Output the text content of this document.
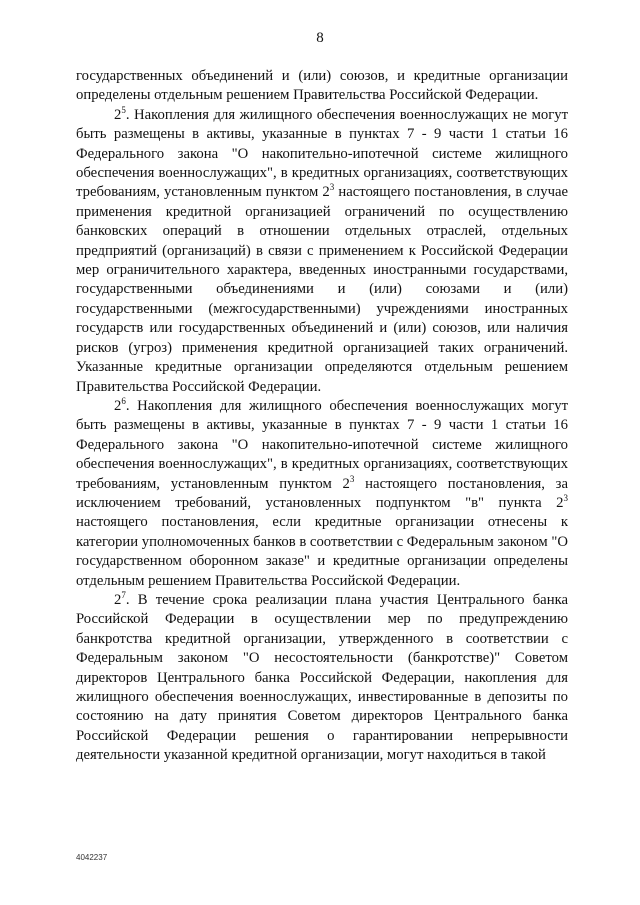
8

государственных объединений и (или) союзов, и кредитные организации определены отдельным решением Правительства Российской Федерации.

$2^5$. Накопления для жилищного обеспечения военнослужащих не могут быть размещены в активы, указанные в пунктах 7 - 9 части 1 статьи 16 Федерального закона "О накопительно-ипотечной системе жилищного обеспечения военнослужащих", в кредитных организациях, соответствующих требованиям, установленным пунктом $2^3$ настоящего постановления, в случае применения кредитной организацией ограничений по осуществлению банковских операций в отношении отдельных отраслей, отдельных предприятий (организаций) в связи с применением к Российской Федерации мер ограничительного характера, введенных иностранными государствами, государственными объединениями и (или) союзами и (или) государственными (межгосударственными) учреждениями иностранных государств или государственных объединений и (или) союзов, или наличия рисков (угроз) применения кредитной организацией таких ограничений. Указанные кредитные организации определяются отдельным решением Правительства Российской Федерации.

$2^6$. Накопления для жилищного обеспечения военнослужащих могут быть размещены в активы, указанные в пунктах 7 - 9 части 1 статьи 16 Федерального закона "О накопительно-ипотечной системе жилищного обеспечения военнослужащих", в кредитных организациях, соответствующих требованиям, установленным пунктом $2^3$ настоящего постановления, за исключением требований, установленных подпунктом "в" пункта $2^3$ настоящего постановления, если кредитные организации отнесены к категории уполномоченных банков в соответствии с Федеральным законом "О государственном оборонном заказе" и кредитные организации определены отдельным решением Правительства Российской Федерации.

$2^7$. В течение срока реализации плана участия Центрального банка Российской Федерации в осуществлении мер по предупреждению банкротства кредитной организации, утвержденного в соответствии с Федеральным законом "О несостоятельности (банкротстве)" Советом директоров Центрального банка Российской Федерации, накопления для жилищного обеспечения военнослужащих, инвестированные в депозиты по состоянию на дату принятия Советом директоров Центрального банка Российской Федерации решения о гарантировании непрерывности деятельности указанной кредитной организации, могут находиться в такой

4042237
